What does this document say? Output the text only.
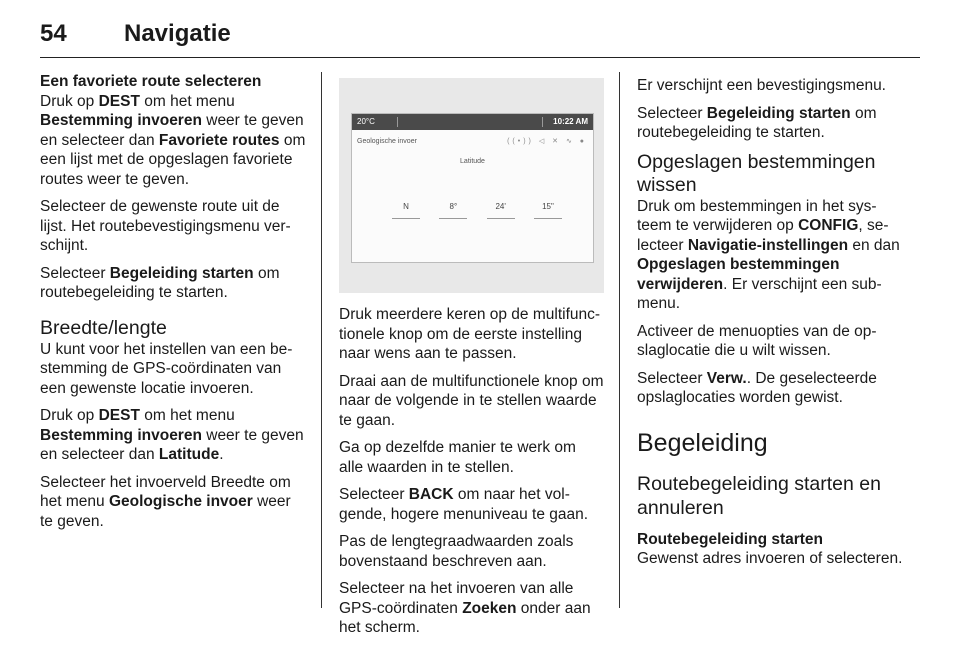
54	Navigatie

Een favoriete route selecteren

Druk op DEST om het menu Bestemming invoeren weer te geven en selecteer dan Favoriete routes om een lijst met de opgeslagen favoriete routes weer te geven.

Selecteer de gewenste route uit de lijst. Het routebevestigingsmenu verschijnt.

Selecteer Begeleiding starten om routebegeleiding te starten.

Breedte/lengte

U kunt voor het instellen van een bestemming de GPS-coördinaten van een gewenste locatie invoeren.

Druk op DEST om het menu Bestemming invoeren weer te geven en selecteer dan Latitude.

Selecteer het invoerveld Breedte om het menu Geologische invoer weer te geven.

20°C	10:22 AM
Geologische invoer	((•)) ◁ ✕ ∿ ●
Latitude
N	8°	24'	15"

Druk meerdere keren op de multifunctionele knop om de eerste instelling naar wens aan te passen.

Draai aan de multifunctionele knop om naar de volgende in te stellen waarde te gaan.

Ga op dezelfde manier te werk om alle waarden in te stellen.

Selecteer BACK om naar het volgende, hogere menuniveau te gaan.

Pas de lengtegraadwaarden zoals bovenstaand beschreven aan.

Selecteer na het invoeren van alle GPS-coördinaten Zoeken onder aan het scherm.

Er verschijnt een bevestigingsmenu.

Selecteer Begeleiding starten om routebegeleiding te starten.

Opgeslagen bestemmingen wissen

Druk om bestemmingen in het systeem te verwijderen op CONFIG, selecteer Navigatie-instellingen en dan Opgeslagen bestemmingen verwijderen. Er verschijnt een submenu.

Activeer de menuopties van de opslaglocatie die u wilt wissen.

Selecteer Verw.. De geselecteerde opslaglocaties worden gewist.

Begeleiding

Routebegeleiding starten en annuleren

Routebegeleiding starten

Gewenst adres invoeren of selecteren.
